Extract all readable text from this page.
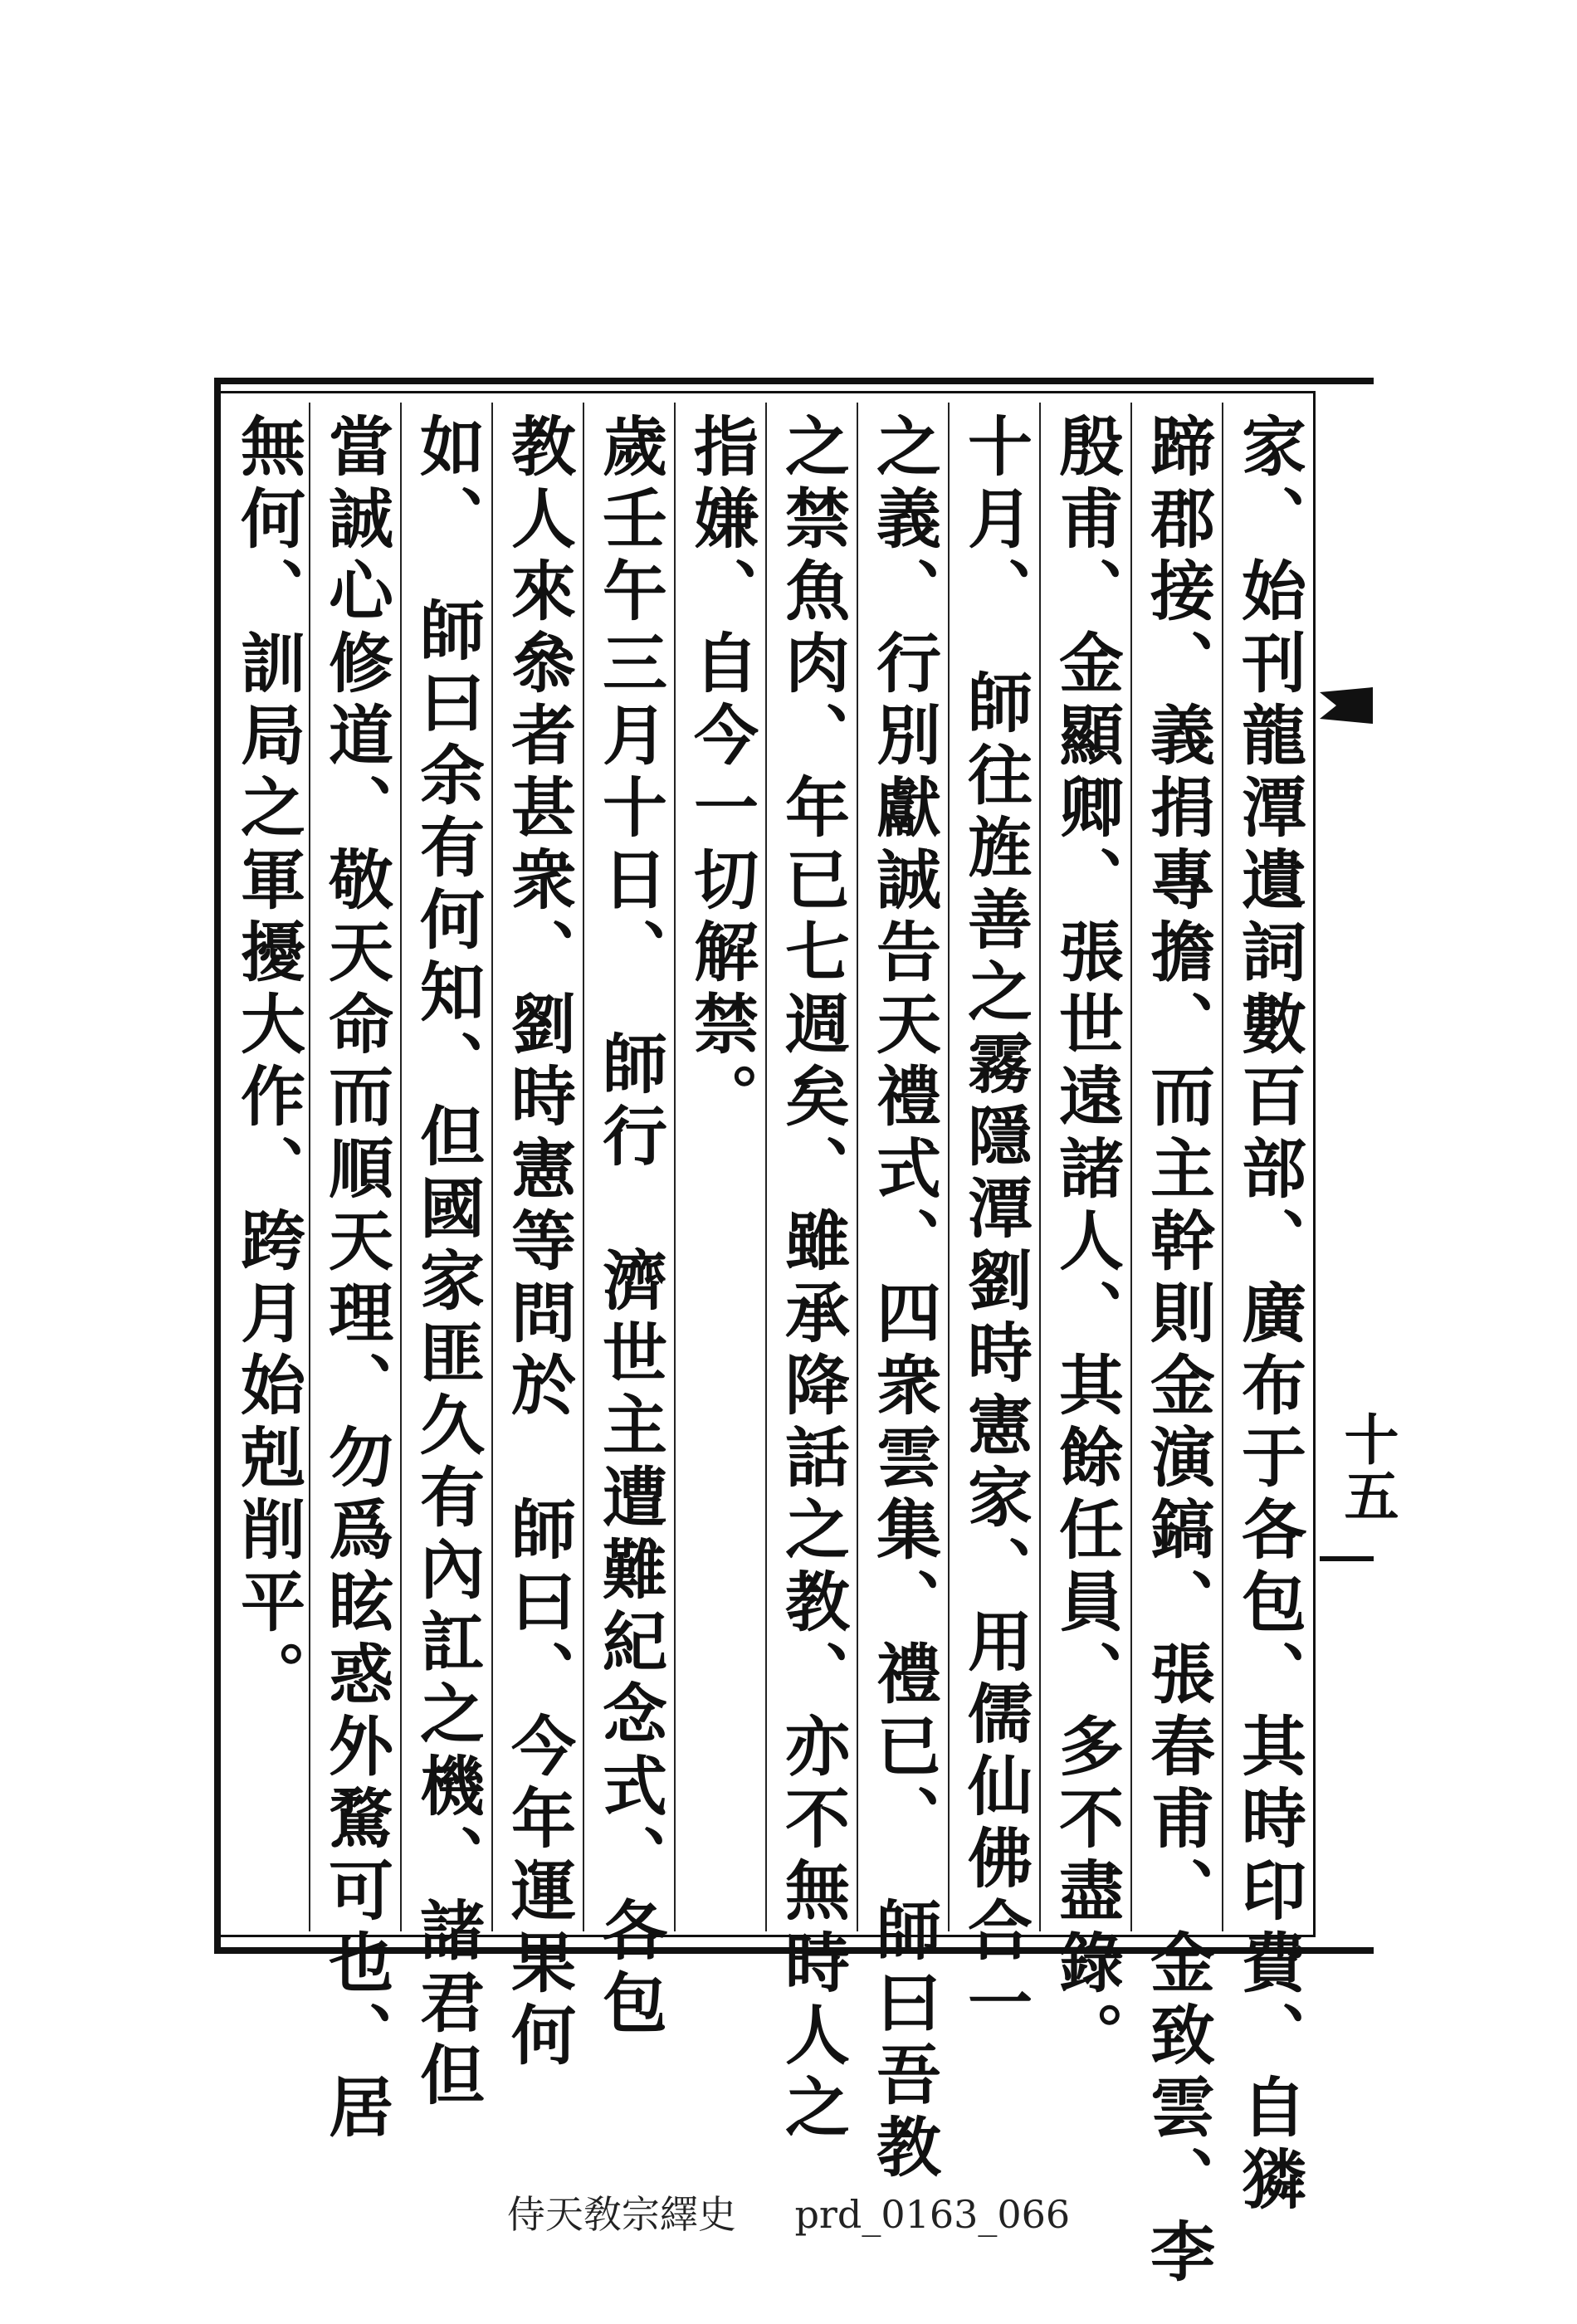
家、始刊龍潭遺詞數百部、廣布于各包、其時印費、自獜
蹄郡接、義捐專擔、而主幹則金演鎬、張春甫、金致雲、李
殷甫、金顯卿、張世遠諸人、其餘任員、多不盡錄。
十月、　師往旌善之霧隱潭劉時憲家、用儒仙佛合一
之義、行別獻誠告天禮式、四衆雲集、禮已、　師曰吾教
之禁魚肉、年已七週矣、雖承降話之教、亦不無時人之
指嫌、自今一切解禁。
歲壬午三月十日、　師行　濟世主遭難紀念式、各包
教人來叅者甚衆、劉時憲等問於　師曰、今年運果何
如、　師曰余有何知、但國家匪久有內訌之機、諸君但
當誠心修道、敬天命而順天理、勿爲眩惑外騖可也、居
無何、訓局之軍擾大作、跨月始剋削平。	十五
侍天敎宗繹史 prd_0163_066
